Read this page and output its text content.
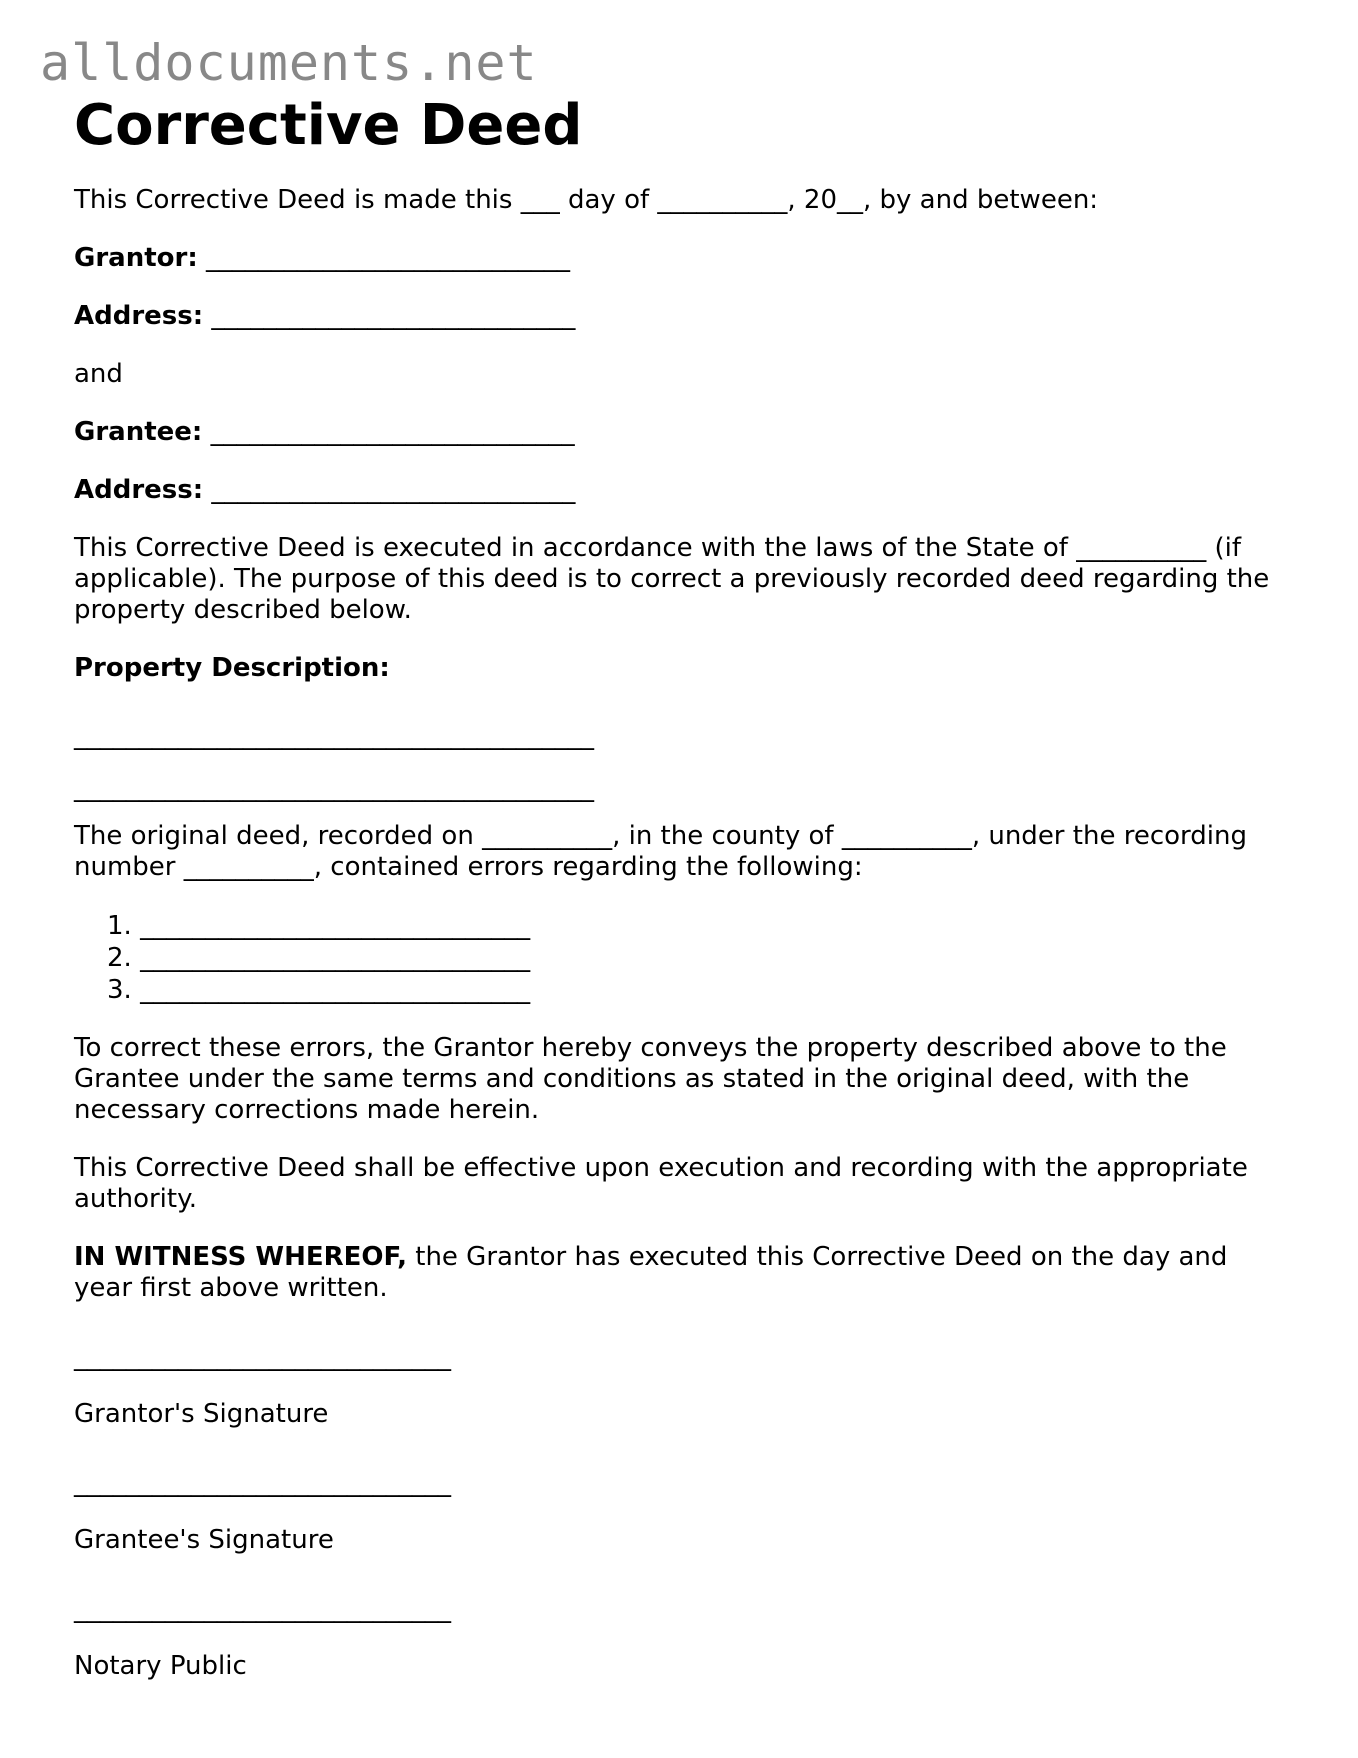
alldocuments.net
Corrective Deed

This Corrective Deed is made this ___ day of __________, 20__, by and between:

Grantor: ____________________________

Address: ____________________________

and

Grantee: ____________________________

Address: ____________________________

This Corrective Deed is executed in accordance with the laws of the State of __________ (if applicable). The purpose of this deed is to correct a previously recorded deed regarding the property described below.

Property Description:

________________________________________
________________________________________

The original deed, recorded on __________, in the county of __________, under the recording number __________, contained errors regarding the following:

1. ______________________________
2. ______________________________
3. ______________________________

To correct these errors, the Grantor hereby conveys the property described above to the Grantee under the same terms and conditions as stated in the original deed, with the necessary corrections made herein.

This Corrective Deed shall be effective upon execution and recording with the appropriate authority.

IN WITNESS WHEREOF, the Grantor has executed this Corrective Deed on the day and year first above written.

_____________________________
Grantor's Signature
_____________________________
Grantee's Signature
_____________________________
Notary Public
